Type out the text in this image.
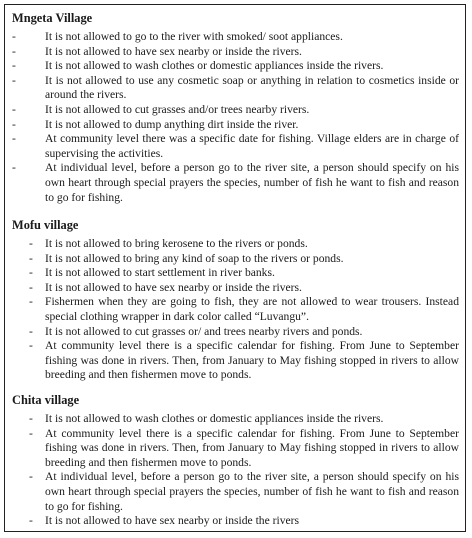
Mngeta Village
-	It is not allowed to go to the river with smoked/ soot appliances.
-	It is not allowed to have sex nearby or inside the rivers.
-	It is not allowed to wash clothes or domestic appliances inside the rivers.
-	It is not allowed to use any cosmetic soap or anything in relation to cosmetics inside or around the rivers.
-	It is not allowed to cut grasses and/or trees nearby rivers.
-	It is not allowed to dump anything dirt inside the river.
-	At community level there was a specific date for fishing. Village elders are in charge of supervising the activities.
-	At individual level, before a person go to the river site, a person should specify on his own heart through special prayers the species, number of fish he want to fish and reason to go for fishing.
Mofu village
- It is not allowed to bring kerosene to the rivers or ponds.
- It is not allowed to bring any kind of soap to the rivers or ponds.
- It is not allowed to start settlement in river banks.
- It is not allowed to have sex nearby or inside the rivers.
- Fishermen when they are going to fish, they are not allowed to wear trousers. Instead special clothing wrapper in dark color called “Luvangu”.
- It is not allowed to cut grasses or/ and trees nearby rivers and ponds.
- At community level there is a specific calendar for fishing. From June to September fishing was done in rivers. Then, from January to May fishing stopped in rivers to allow breeding and then fishermen move to ponds.
Chita village
- It is not allowed to wash clothes or domestic appliances inside the rivers.
- At community level there is a specific calendar for fishing. From June to September fishing was done in rivers. Then, from January to May fishing stopped in rivers to allow breeding and then fishermen move to ponds.
- At individual level, before a person go to the river site, a person should specify on his own heart through special prayers the species, number of fish he want to fish and reason to go for fishing.
- It is not allowed to have sex nearby or inside the rivers
